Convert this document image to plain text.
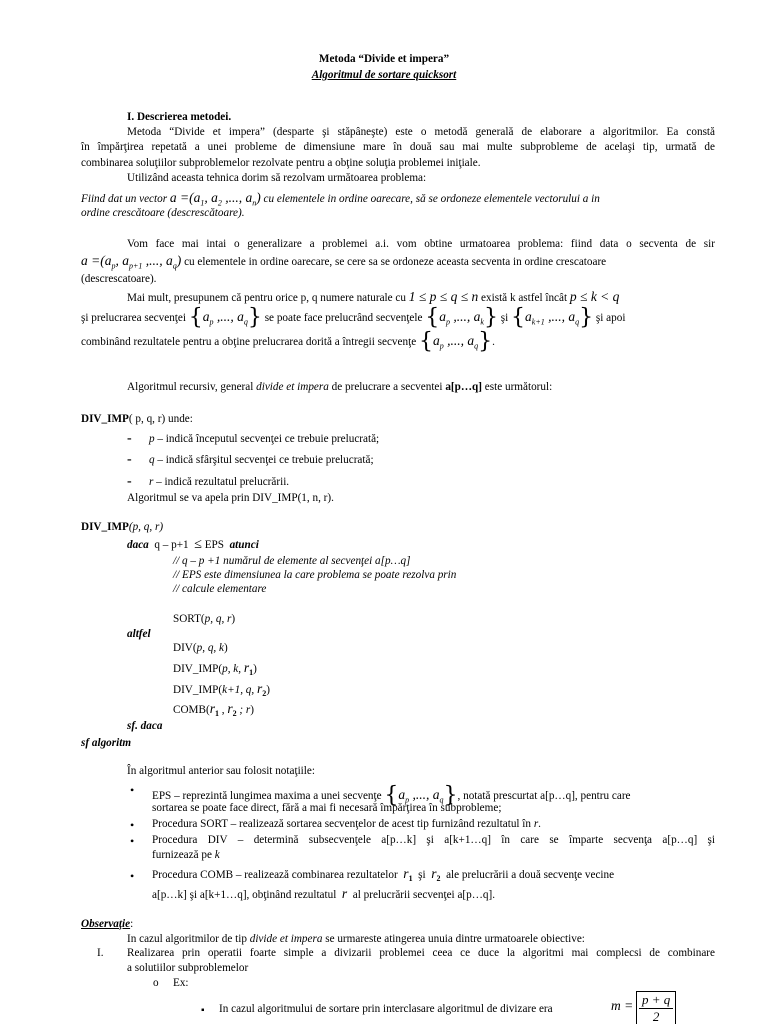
Metoda “Divide et impera”
Algoritmul de sortare quicksort
I. Descrierea metodei.
Metoda “Divide et impera” (desparte şi stăpâneşte) este o metodă generală de elaborare a algoritmilor. Ea constă
în împărţirea repetată a unei probleme de dimensiune mare în două sau mai multe subprobleme de acelaşi tip, urmată de
combinarea soluţiilor subproblemelor rezolvate pentru a obţine soluţia problemei iniţiale.
Utilizând aceasta tehnica dorim să rezolvam următoarea problema:
Fiind dat un vector $a =(a_1$, $a_2$ ,..., $a_n$) cu elementele in ordine oarecare, să se ordoneze elementele vectorului a in
ordine crescătoare (descrescătoare).
Vom face mai intai o generalizare a problemei a.i. vom obtine urmatoarea problema: fiind data o secventa de sir
$a =(a_p$, $a_{p+1}$ ,..., $a_q$) cu elementele in ordine oarecare, se cere sa se ordoneze aceasta secventa in ordine crescatoare
(descrescatoare).
Mai mult, presupunem că pentru orice p, q numere naturale cu 1 ≤ p ≤ q ≤ n există k astfel încât p ≤ k < q
şi prelucrarea secvenţei {$a_p$ ,..., $a_q$} se poate face prelucrând secvenţele {$a_p$ ,..., $a_k$} şi {$a_{k+1}$ ,..., $a_q$} şi apoi
combinând rezultatele pentru a obţine prelucrarea dorită a întregii secvenţe {$a_p$ ,..., $a_q$}.
Algoritmul recursiv, general divide et impera de prelucrare a secventei a[p…q] este următorul:
DIV_IMP( p, q, r) unde:
- p – indică începutul secvenţei ce trebuie prelucrată;
- q – indică sfârşitul secvenţei ce trebuie prelucrată;
- r – indică rezultatul prelucrării.
Algoritmul se va apela prin DIV_IMP(1, n, r).
DIV_IMP(p, q, r)
daca q – p+1 ≤ EPS atunci
// q – p +1 numărul de elemente al secvenţei a[p…q]
// EPS este dimensiunea la care problema se poate rezolva prin
// calcule elementare
SORT(p, q, r)
altfel
DIV(p, q, k)
DIV_IMP(p, k, $r_1$)
DIV_IMP(k+1, q, $r_2$)
$COMB(r_1$ , $r_2$ ; r)
sf. daca
sf algoritm
În algoritmul anterior sau folosit notaţiile:
• EPS – reprezintă lungimea maxima a unei secvenţe {$a_p$ ,..., $a_q$}, notată prescurtat a[p…q], pentru care
sortarea se poate face direct, fără a mai fi necesară împărţirea în subprobleme;
• Procedura SORT – realizează sortarea secvenţelor de acest tip furnizând rezultatul în r.
• Procedura DIV – determină subsecvenţele a[p…k] şi a[k+1…q] în care se împarte secvenţa a[p…q] şi
furnizează pe k
• Procedura COMB – realizează combinarea rezultatelor $r_1$ şi $r_2$ ale prelucrării a două secvenţe vecine
a[p…k] şi a[k+1…q], obţinând rezultatul r al prelucrării secvenţei a[p…q].
Observaţie:
In cazul algoritmilor de tip divide et impera se urmareste atingerea unuia dintre urmatoarele obiective:
I. Realizarea prin operatii foarte simple a divizarii problemei ceea ce duce la algoritmi mai complecsi de combinare
a solutiilor subproblemelor
o Ex:
▪ In cazul algoritmului de sortare prin interclasare algoritmul de divizare era	$m = \frac{p + q}{2}$
